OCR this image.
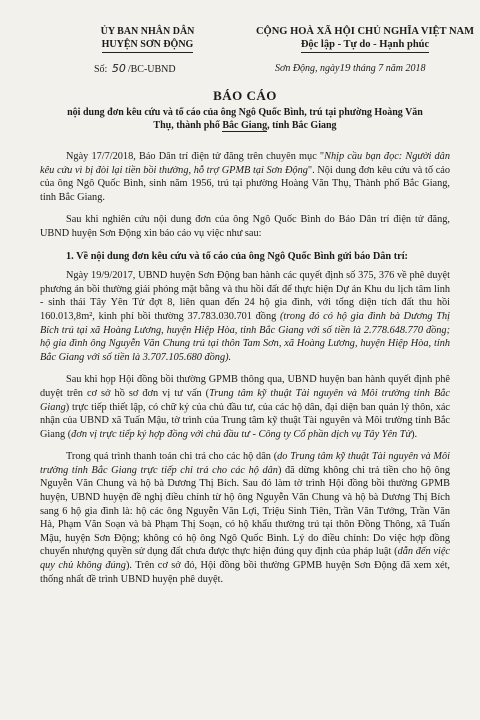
ỦY BAN NHÂN DÂN
HUYỆN SƠN ĐỘNG
CỘNG HOÀ XÃ HỘI CHỦ NGHĨA VIỆT NAM
Độc lập - Tự do - Hạnh phúc
Số: 50 /BC-UBND	Sơn Động, ngày19 tháng 7 năm 2018
BÁO CÁO
nội dung đơn kêu cứu và tố cáo của ông Ngô Quốc Bình, trú tại phường Hoàng Văn Thụ, thành phố Bắc Giang, tỉnh Bắc Giang

Ngày 17/7/2018, Báo Dân trí điện tử đăng trên chuyên mục "Nhịp cầu bạn đọc: Người dân kêu cứu vì bị đòi lại tiền bồi thường, hỗ trợ GPMB tại Sơn Động". Nội dung đơn kêu cứu và tố cáo của ông Ngô Quốc Bình, sinh năm 1956, trú tại phường Hoàng Văn Thụ, Thành phố Bắc Giang, tỉnh Bắc Giang.

Sau khi nghiên cứu nội dung đơn của ông Ngô Quốc Bình do Báo Dân trí điện tử đăng, UBND huyện Sơn Động xin báo cáo vụ việc như sau:

1. Về nội dung đơn kêu cứu và tố cáo của ông Ngô Quốc Bình gửi báo Dân trí:

Ngày 19/9/2017, UBND huyện Sơn Động ban hành các quyết định số 375, 376 về phê duyệt phương án bồi thường giải phóng mặt bằng và thu hồi đất để thực hiện Dự án Khu du lịch tâm linh - sinh thái Tây Yên Tử đợt 8, liên quan đến 24 hộ gia đình, với tổng diện tích đất thu hồi 160.013,8m², kinh phí bồi thường 37.783.030.701 đồng (trong đó có hộ gia đình bà Dương Thị Bích trú tại xã Hoàng Lương, huyện Hiệp Hòa, tỉnh Bắc Giang với số tiền là 2.778.648.770 đồng; hộ gia đình ông Nguyễn Văn Chung trú tại thôn Tam Sơn, xã Hoàng Lương, huyện Hiệp Hòa, tỉnh Bắc Giang với số tiền là 3.707.105.680 đồng).

Sau khi họp Hội đồng bồi thường GPMB thông qua, UBND huyện ban hành quyết định phê duyệt trên cơ sở hồ sơ đơn vị tư vấn (Trung tâm kỹ thuật Tài nguyên và Môi trường tỉnh Bắc Giang) trực tiếp thiết lập, có chữ ký của chủ đầu tư, của các hộ dân, đại diện ban quản lý thôn, xác nhận của UBND xã Tuấn Mậu, tờ trình của Trung tâm kỹ thuật Tài nguyên và Môi trường tỉnh Bắc Giang (đơn vị trực tiếp ký hợp đồng với chủ đầu tư - Công ty Cổ phần dịch vụ Tây Yên Tử).

Trong quá trình thanh toán chi trả cho các hộ dân (do Trung tâm kỹ thuật Tài nguyên và Môi trường tỉnh Bắc Giang trực tiếp chi trả cho các hộ dân) đã dừng không chi trả tiền cho hộ ông Nguyễn Văn Chung và hộ bà Dương Thị Bích. Sau đó làm tờ trình Hội đồng bồi thường GPMB huyện, UBND huyện đề nghị điều chỉnh từ hộ ông Nguyễn Văn Chung và hộ bà Dương Thị Bích sang 6 hộ gia đình là: hộ các ông Nguyễn Văn Lợi, Triệu Sinh Tiên, Trần Văn Tưởng, Trần Văn Hà, Phạm Văn Soạn và bà Phạm Thị Soạn, có hộ khẩu thường trú tại thôn Đồng Thông, xã Tuấn Mậu, huyện Sơn Động; không có hộ ông Ngô Quốc Bình. Lý do điều chỉnh: Do việc hợp đồng chuyển nhượng quyền sử dụng đất chưa được thực hiện đúng quy định của pháp luật (dẫn đến việc quy chủ không đúng). Trên cơ sở đó, Hội đồng bồi thường GPMB huyện Sơn Động đã xem xét, thống nhất đề trình UBND huyện phê duyệt.
